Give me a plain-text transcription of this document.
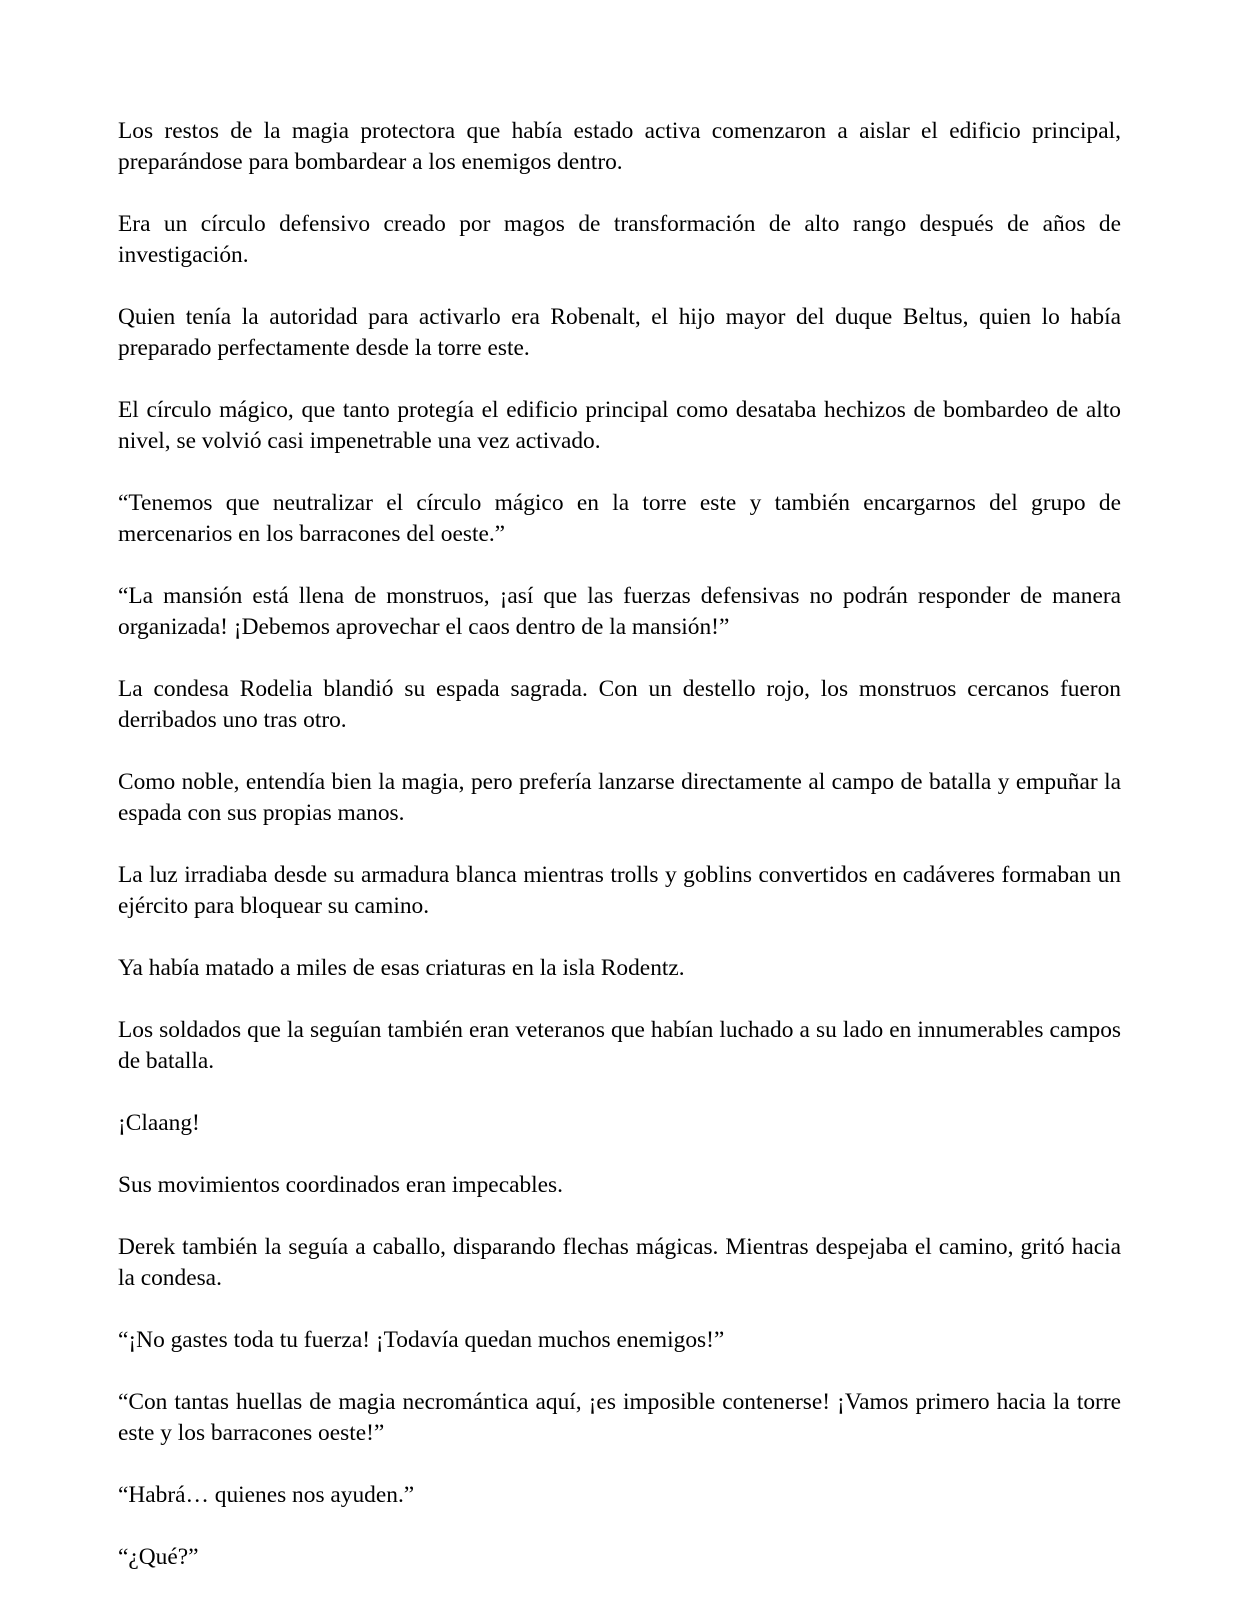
Los restos de la magia protectora que había estado activa comenzaron a aislar el edificio principal, preparándose para bombardear a los enemigos dentro.

Era un círculo defensivo creado por magos de transformación de alto rango después de años de investigación.

Quien tenía la autoridad para activarlo era Robenalt, el hijo mayor del duque Beltus, quien lo había preparado perfectamente desde la torre este.

El círculo mágico, que tanto protegía el edificio principal como desataba hechizos de bombardeo de alto nivel, se volvió casi impenetrable una vez activado.

“Tenemos que neutralizar el círculo mágico en la torre este y también encargarnos del grupo de mercenarios en los barracones del oeste.”

“La mansión está llena de monstruos, ¡así que las fuerzas defensivas no podrán responder de manera organizada! ¡Debemos aprovechar el caos dentro de la mansión!”

La condesa Rodelia blandió su espada sagrada. Con un destello rojo, los monstruos cercanos fueron derribados uno tras otro.

Como noble, entendía bien la magia, pero prefería lanzarse directamente al campo de batalla y empuñar la espada con sus propias manos.

La luz irradiaba desde su armadura blanca mientras trolls y goblins convertidos en cadáveres formaban un ejército para bloquear su camino.

Ya había matado a miles de esas criaturas en la isla Rodentz.

Los soldados que la seguían también eran veteranos que habían luchado a su lado en innumerables campos de batalla.

¡Claang!

Sus movimientos coordinados eran impecables.

Derek también la seguía a caballo, disparando flechas mágicas. Mientras despejaba el camino, gritó hacia la condesa.

“¡No gastes toda tu fuerza! ¡Todavía quedan muchos enemigos!”

“Con tantas huellas de magia necromántica aquí, ¡es imposible contenerse! ¡Vamos primero hacia la torre este y los barracones oeste!”

“Habrá… quienes nos ayuden.”

“¿Qué?”
